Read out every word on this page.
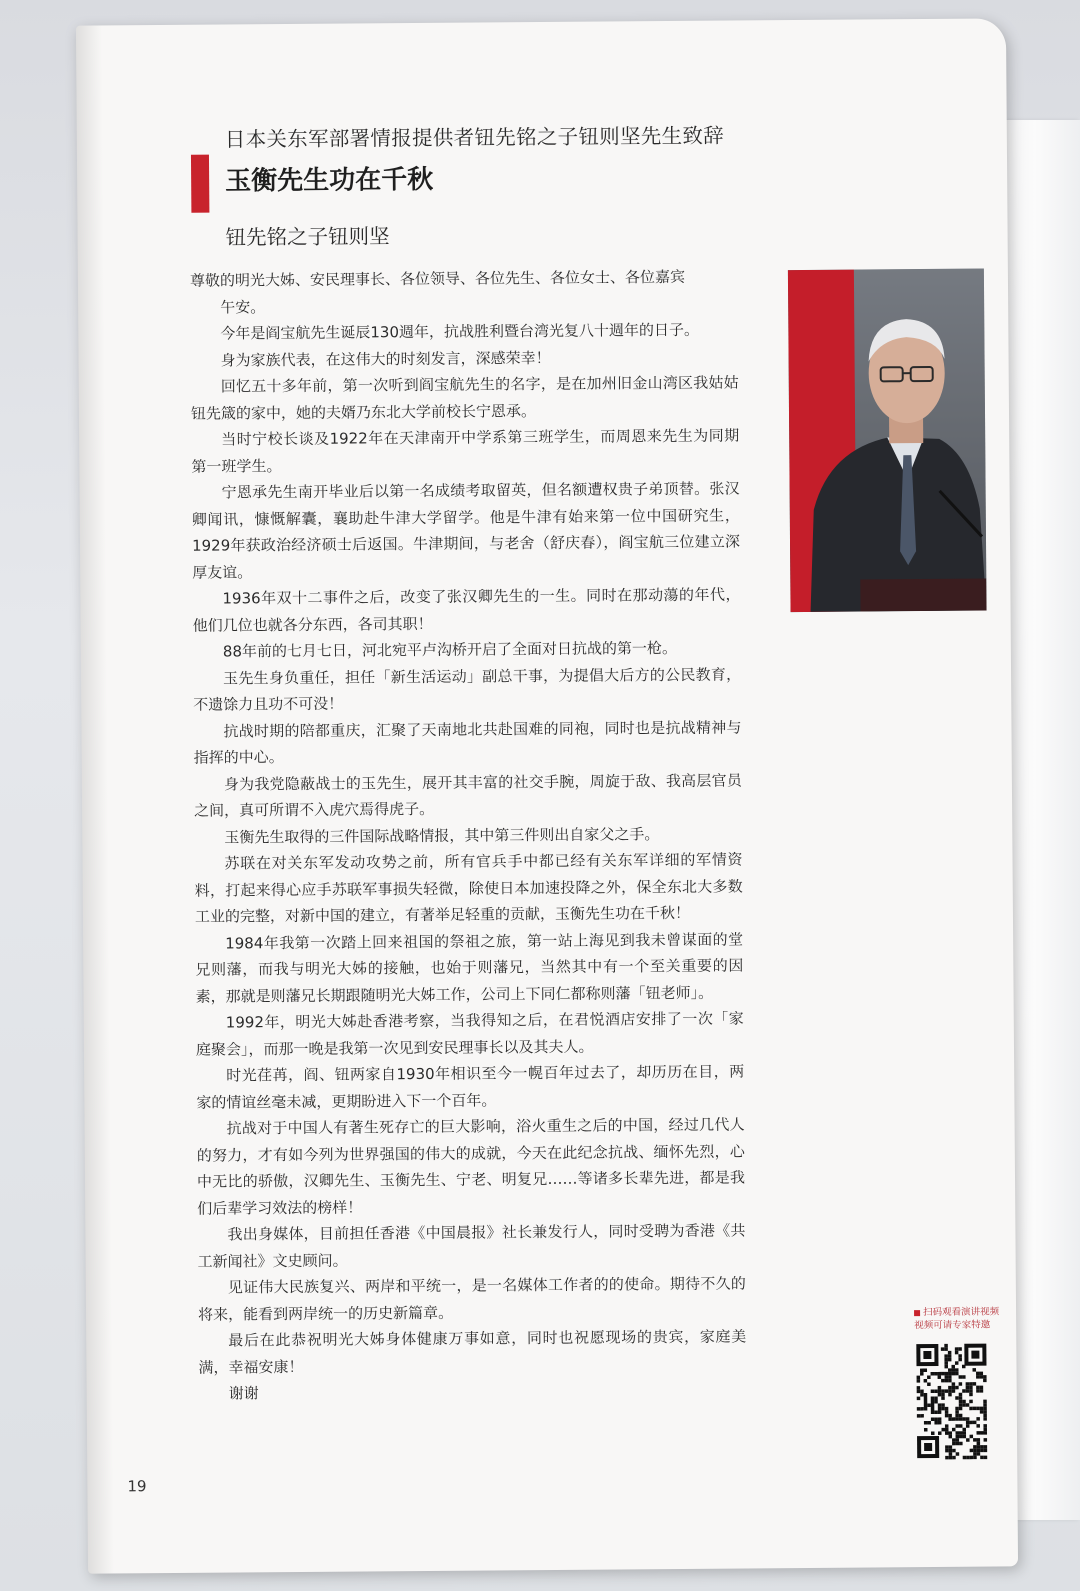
日本关东军部署情报提供者钮先铭之子钮则坚先生致辞
玉衡先生功在千秋
钮先铭之子钮则坚

尊敬的明光大姊、安民理事长、各位领导、各位先生、各位女士、各位嘉宾

午安。

今年是阎宝航先生诞辰130週年，抗战胜利暨台湾光复八十週年的日子。

身为家族代表，在这伟大的时刻发言，深感荣幸！

回忆五十多年前，第一次听到阎宝航先生的名字，是在加州旧金山湾区我姑姑钮先箴的家中，她的夫婿乃东北大学前校长宁恩承。

当时宁校长谈及1922年在天津南开中学系第三班学生，而周恩来先生为同期第一班学生。

宁恩承先生南开毕业后以第一名成绩考取留英，但名额遭权贵子弟顶替。张汉卿闻讯，慷慨解囊，襄助赴牛津大学留学。他是牛津有始来第一位中国研究生，1929年获政治经济硕士后返国。牛津期间，与老舍（舒庆春），阎宝航三位建立深厚友谊。

1936年双十二事件之后，改变了张汉卿先生的一生。同时在那动蕩的年代，他们几位也就各分东西，各司其职！

88年前的七月七日，河北宛平卢沟桥开启了全面对日抗战的第一枪。

玉先生身负重任，担任「新生活运动」副总干事，为提倡大后方的公民教育，不遗馀力且功不可没！

抗战时期的陪都重庆，汇聚了天南地北共赴国难的同袍，同时也是抗战精神与指挥的中心。

身为我党隐蔽战士的玉先生，展开其丰富的社交手腕，周旋于敌、我高层官员之间，真可所谓不入虎穴焉得虎子。

玉衡先生取得的三件国际战略情报，其中第三件则出自家父之手。

苏联在对关东军发动攻势之前，所有官兵手中都已经有关东军详细的军情资料，打起来得心应手苏联军事损失轻微，除使日本加速投降之外，保全东北大多数工业的完整，对新中国的建立，有著举足轻重的贡献，玉衡先生功在千秋！

1984年我第一次踏上回来祖国的祭祖之旅，第一站上海见到我未曾谋面的堂兄则藩，而我与明光大姊的接触，也始于则藩兄，当然其中有一个至关重要的因素，那就是则藩兄长期跟随明光大姊工作，公司上下同仁都称则藩「钮老师」。

1992年，明光大姊赴香港考察，当我得知之后，在君悦酒店安排了一次「家庭聚会」，而那一晚是我第一次见到安民理事长以及其夫人。

时光荏苒，阎、钮两家自1930年相识至今一幌百年过去了，却历历在目，两家的情谊丝毫未减，更期盼进入下一个百年。

抗战对于中国人有著生死存亡的巨大影响，浴火重生之后的中国，经过几代人的努力，才有如今列为世界强国的伟大的成就，今天在此纪念抗战、缅怀先烈，心中无比的骄傲，汉卿先生、玉衡先生、宁老、明复兄……等诸多长辈先进，都是我们后辈学习效法的榜样！

我出身媒体，目前担任香港《中国晨报》社长兼发行人，同时受聘为香港《共工新闻社》文史顾问。

见证伟大民族复兴、两岸和平统一，是一名媒体工作者的的使命。期待不久的将来，能看到两岸统一的历史新篇章。

最后在此恭祝明光大姊身体健康万事如意，同时也祝愿现场的贵宾，家庭美满，幸福安康！

谢谢

扫码观看演讲视频
视频可请专家特邀
19
